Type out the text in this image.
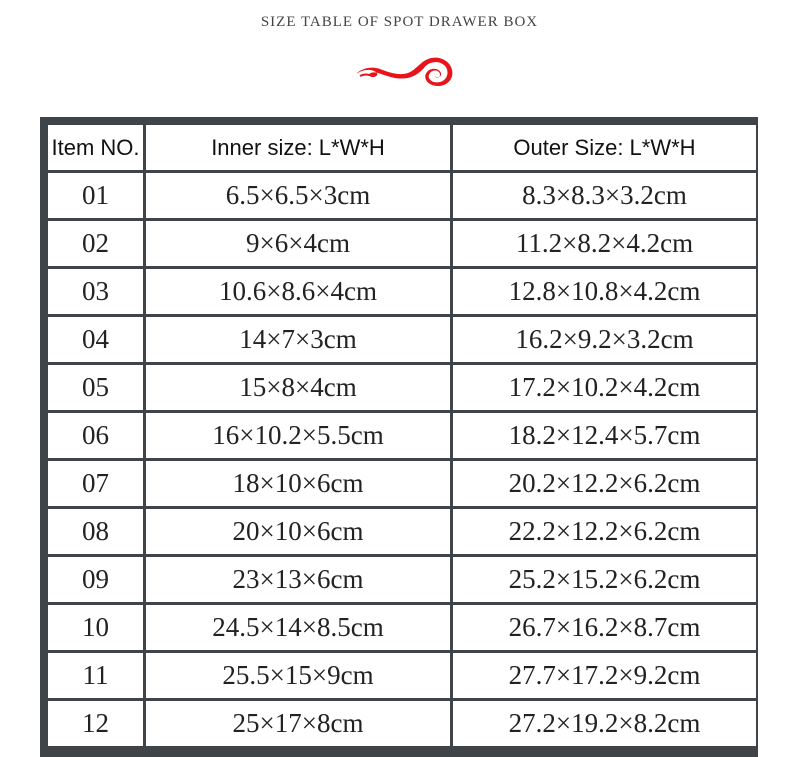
SIZE TABLE OF SPOT DRAWER BOX
Item NO.	Inner size: L*W*H	Outer Size: L*W*H
01	6.5×6.5×3cm	8.3×8.3×3.2cm
02	9×6×4cm	11.2×8.2×4.2cm
03	10.6×8.6×4cm	12.8×10.8×4.2cm
04	14×7×3cm	16.2×9.2×3.2cm
05	15×8×4cm	17.2×10.2×4.2cm
06	16×10.2×5.5cm	18.2×12.4×5.7cm
07	18×10×6cm	20.2×12.2×6.2cm
08	20×10×6cm	22.2×12.2×6.2cm
09	23×13×6cm	25.2×15.2×6.2cm
10	24.5×14×8.5cm	26.7×16.2×8.7cm
11	25.5×15×9cm	27.7×17.2×9.2cm
12	25×17×8cm	27.2×19.2×8.2cm
